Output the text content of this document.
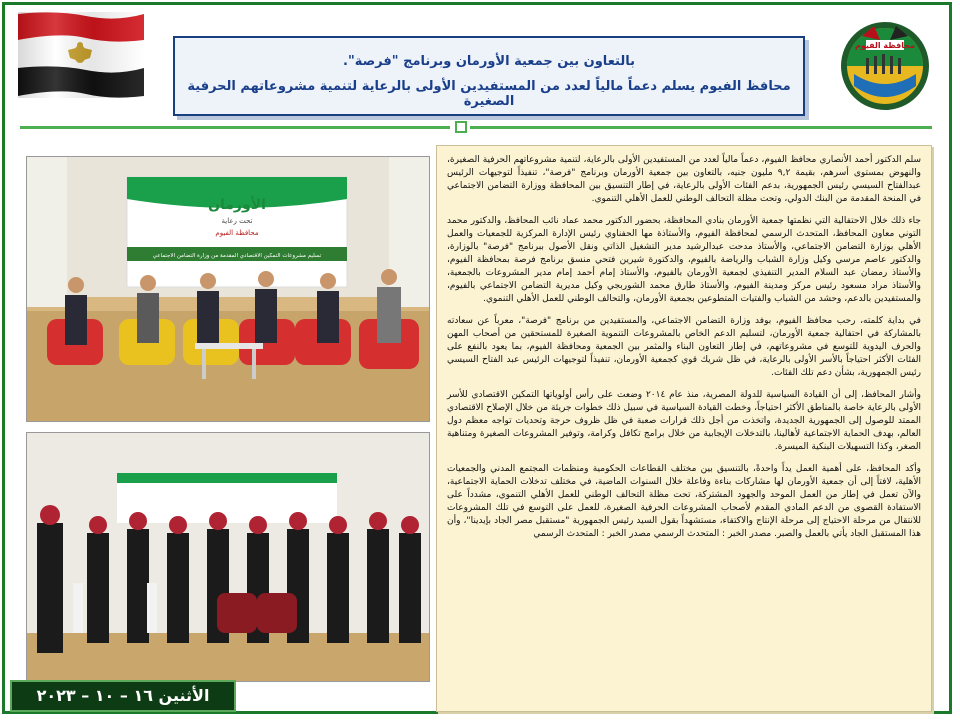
محافظة الفيوم
بالتعاون بين جمعية الأورمان وبرنامج "فرصة".
محافظ الفيوم يسلم دعماً مالياً لعدد من المستفيدين الأولى بالرعاية لتنمية مشروعاتهم الحرفية الصغيرة
الأورمان
تحت رعاية
محافظة الفيوم
تسليم مشروعات التمكين الاقتصادي المقدمة من وزارة التضامن الاجتماعي

سلم الدكتور أحمد الأنصاري محافظ الفيوم، دعماً مالياً لعدد من المستفيدين الأولى بالرعاية، لتنمية مشروعاتهم الحرفية الصغيرة، والنهوض بمستوى أسرهم، بقيمة ٩,٢ مليون جنيه، بالتعاون بين جمعية الأورمان وبرنامج "فرصة"، تنفيذاً لتوجيهات الرئيس عبدالفتاح السيسي رئيس الجمهورية، بدعم الفئات الأولى بالرعاية، في إطار التنسيق بين المحافظة ووزارة التضامن الاجتماعي في المنحة المقدمة من البنك الدولي، وتحت مظلة التحالف الوطني للعمل الأهلي التنموي.

جاء ذلك خلال الاحتفالية التي نظمتها جمعية الأورمان بنادي المحافظة، بحضور الدكتور محمد عماد نائب المحافظ، والدكتور محمد التوني معاون المحافظ، المتحدث الرسمي لمحافظة الفيوم، والأستاذة مها الحفناوي رئيس الإدارة المركزية للجمعيات والعمل الأهلي بوزارة التضامن الاجتماعي، والأستاذ مدحت عبدالرشيد مدير التشغيل الذاتي ونقل الأصول ببرنامج "فرصة" بالوزارة، والدكتور عاصم مرسي وكيل وزارة الشباب والرياضة بالفيوم، والدكتورة شيرين فتحي منسق برنامج فرصة بمحافظة الفيوم، والأستاذ رمضان عبد السلام المدير التنفيذي لجمعية الأورمان بالفيوم، والأستاذ إمام أحمد إمام مدير المشروعات بالجمعية، والأستاذ مراد مسعود رئيس مركز ومدينة الفيوم، والأستاذ طارق محمد الشوربجي وكيل مديرية التضامن الاجتماعي بالفيوم، والمستفيدين بالدعم، وحشد من الشباب والفتيات المتطوعين بجمعية الأورمان، والتحالف الوطني للعمل الأهلي التنموي.

في بداية كلمته، رحب محافظ الفيوم، بوفد وزارة التضامن الاجتماعي، والمستفيدين من برنامج "فرصة"، معرباً عن سعادته بالمشاركة في احتفالية جمعية الأورمان، لتسليم الدعم الخاص بالمشروعات التنموية الصغيرة للمستحقين من أصحاب المهن والحرف اليدوية للتوسع في مشروعاتهم، في إطار التعاون البناء والمثمر بين الجمعية ومحافظة الفيوم، بما يعود بالنفع على الفئات الأكثر احتياجاً بالأسر الأولى بالرعاية، في ظل شريك قوي كجمعية الأورمان، تنفيذاً لتوجيهات الرئيس عبد الفتاح السيسي رئيس الجمهورية، بشأن دعم تلك الفئات.

وأشار المحافظ، إلى أن القيادة السياسية للدولة المصرية، منذ عام ٢٠١٤ وضعت على رأس أولوياتها التمكين الاقتصادي للأسر الأولى بالرعاية خاصة بالمناطق الأكثر احتياجاً، وخطت القيادة السياسية في سبيل ذلك خطوات جريئة من خلال الإصلاح الاقتصادي الممتد للوصول إلى الجمهورية الجديدة، واتخذت من أجل ذلك قرارات صعبة في ظل ظروف حرجة وتحديات تواجه معظم دول العالم، بهدف الحماية الاجتماعية لأهالينا، بالتدخلات الإيجابية من خلال برامج تكافل وكرامة، وتوفير المشروعات الصغيرة ومتناهية الصغر، وكذا التسهيلات البنكية الميسرة.

وأكد المحافظ، على أهمية العمل يداً واحدةً، بالتنسيق بين مختلف القطاعات الحكومية ومنظمات المجتمع المدني والجمعيات الأهلية، لافتاً إلى أن جمعية الأورمان لها مشاركات بناءة وفاعلة خلال السنوات الماضية، في مختلف تدخلات الحماية الاجتماعية، والآن تعمل في إطار من العمل الموحد والجهود المشتركة، تحت مظلة التحالف الوطني للعمل الأهلي التنموي، مشدداً على الاستفادة القصوى من الدعم المادي المقدم لأصحاب المشروعات الحرفية الصغيرة، للعمل على التوسع في تلك المشروعات للانتقال من مرحلة الاحتياج إلى مرحلة الإنتاج والاكتفاء، مستشهداً بقول السيد رئيس الجمهورية "مستقبل مصر الجاد بإيدينا"، وأن هذا المستقبل الجاد يأتي بالعمل والصبر. مصدر الخبر : المتحدث الرسمي مصدر الخبر : المتحدث الرسمي

الأثنين ١٦ – ١٠ – ٢٠٢٣
